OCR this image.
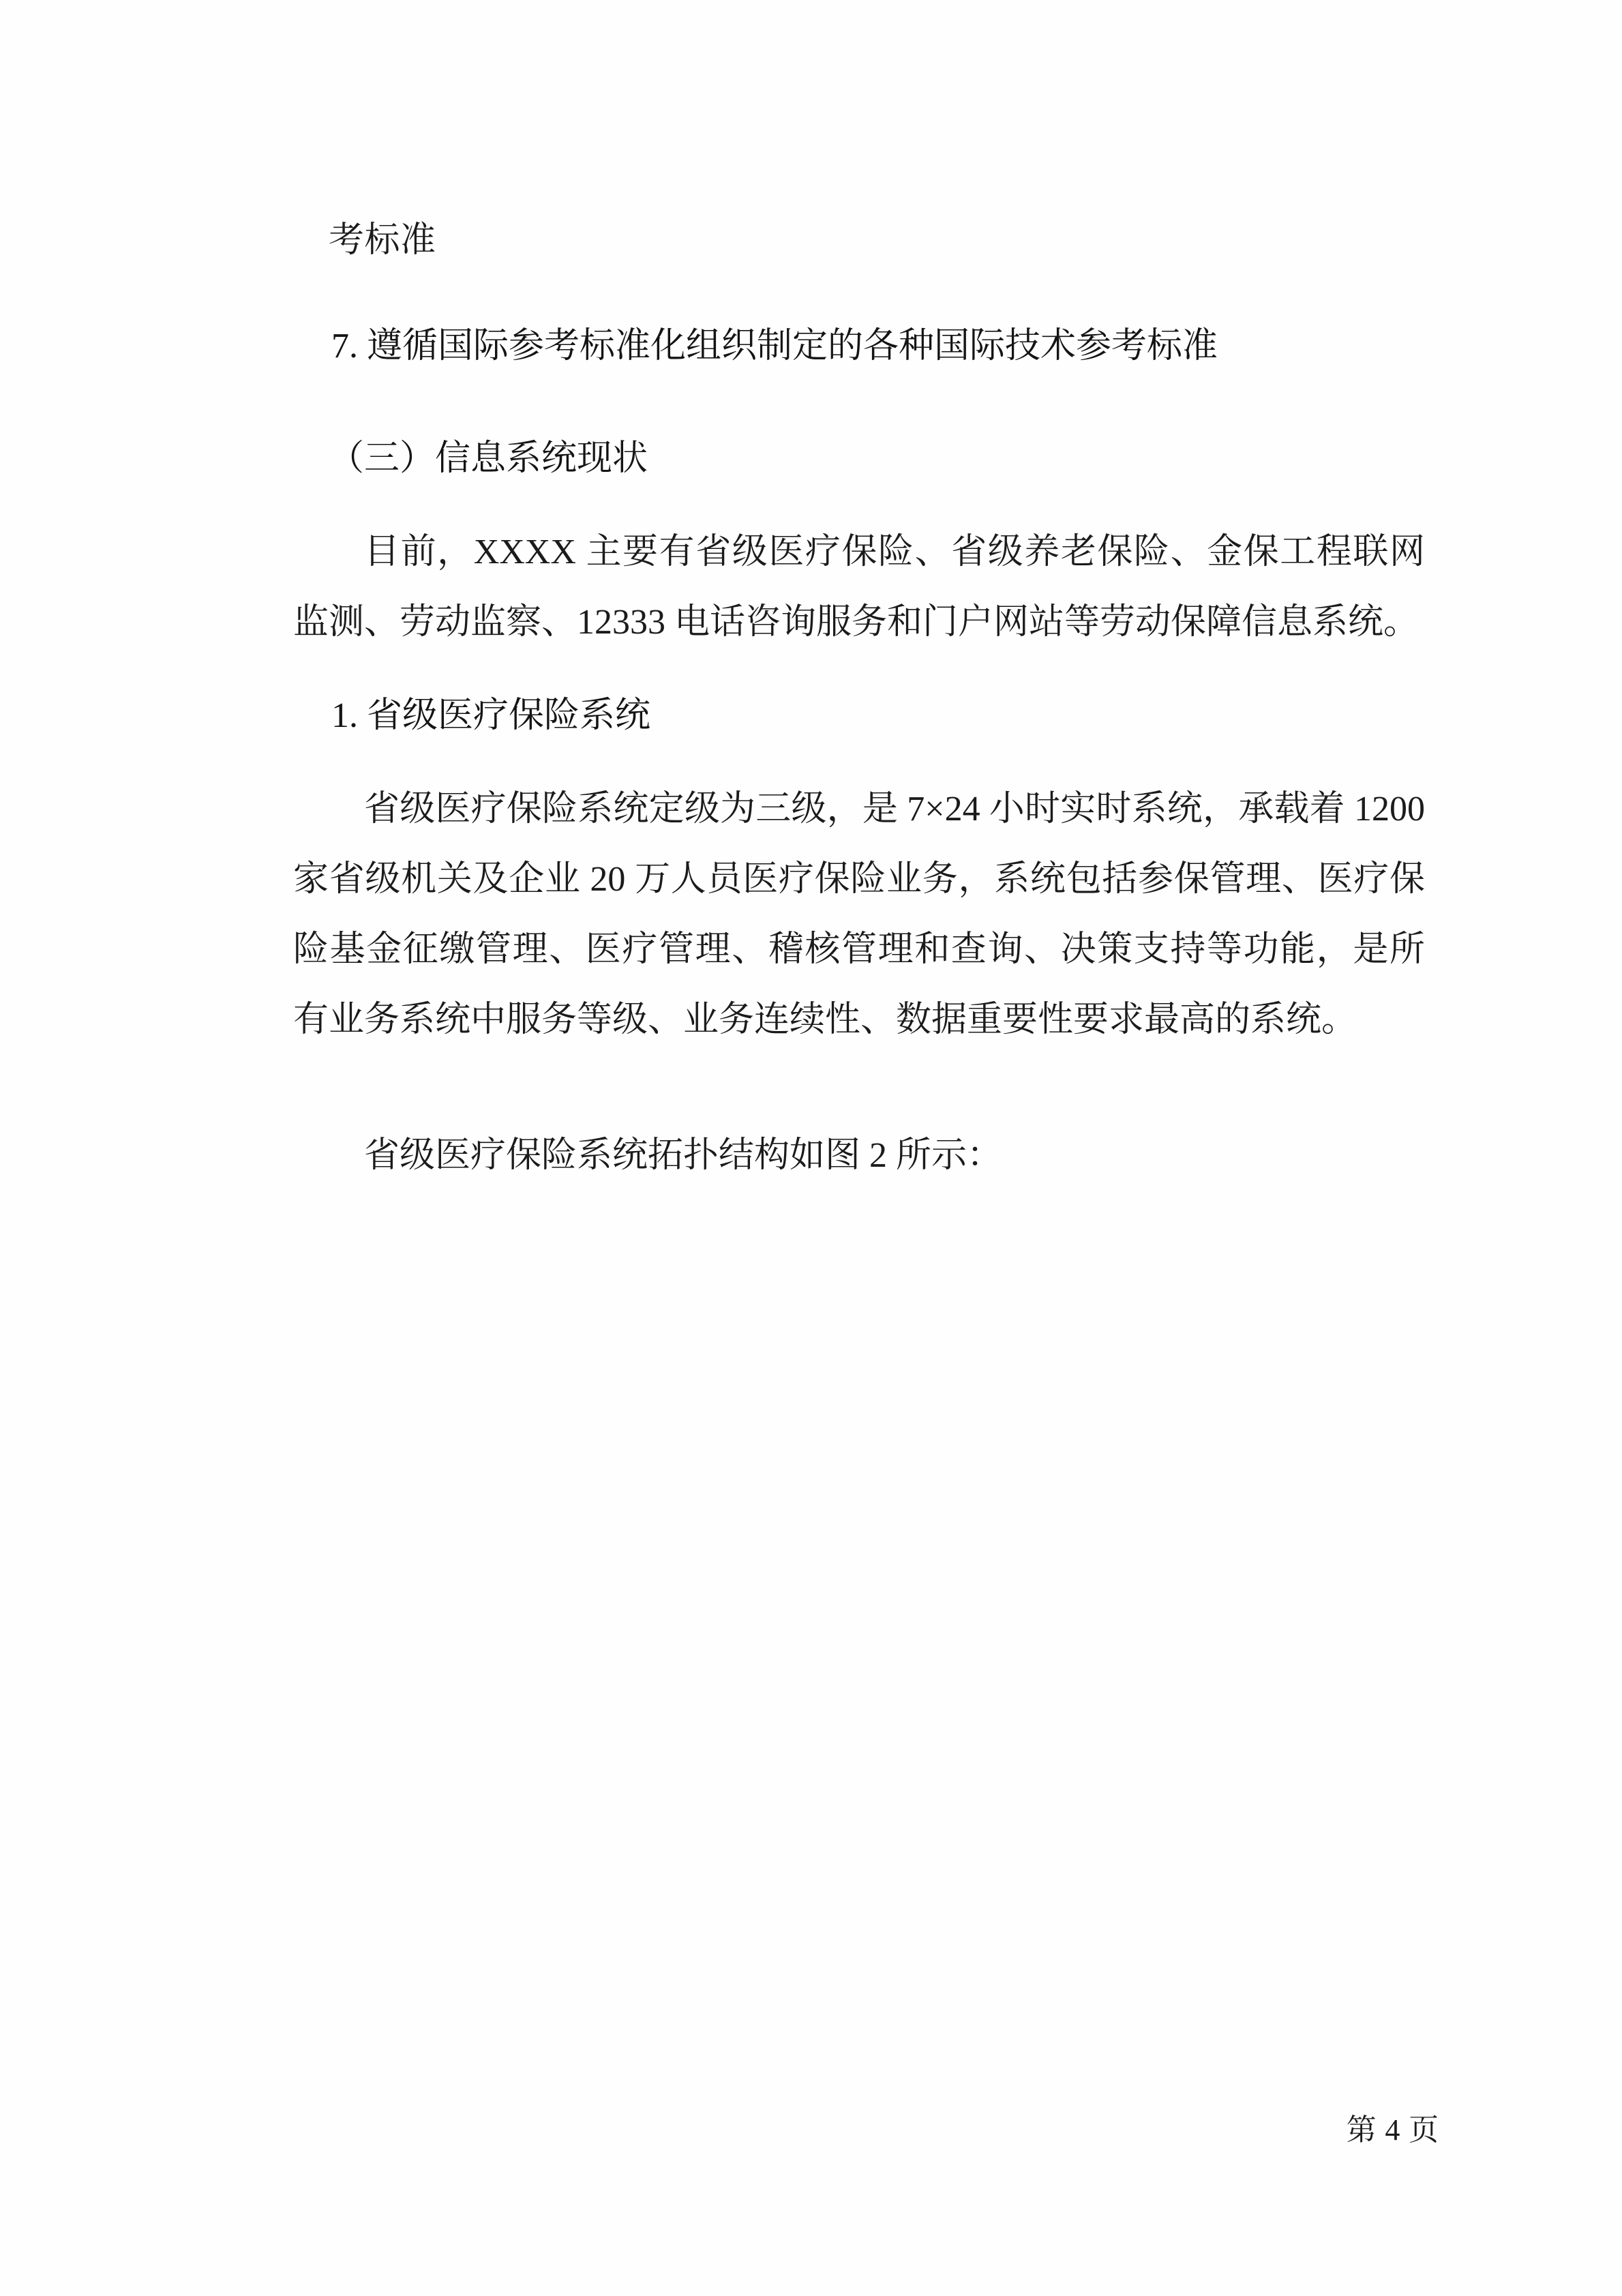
考标准

7. 遵循国际参考标准化组织制定的各种国际技术参考标准

（三）信息系统现状

目前，XXXX 主要有省级医疗保险、省级养老保险、金保工程联网监测、劳动监察、12333 电话咨询服务和门户网站等劳动保障信息系统。

1. 省级医疗保险系统

省级医疗保险系统定级为三级，是 7×24 小时实时系统，承载着 1200 家省级机关及企业 20 万人员医疗保险业务，系统包括参保管理、医疗保险基金征缴管理、医疗管理、稽核管理和查询、决策支持等功能，是所有业务系统中服务等级、业务连续性、数据重要性要求最高的系统。

省级医疗保险系统拓扑结构如图 2 所示：

第 4 页
